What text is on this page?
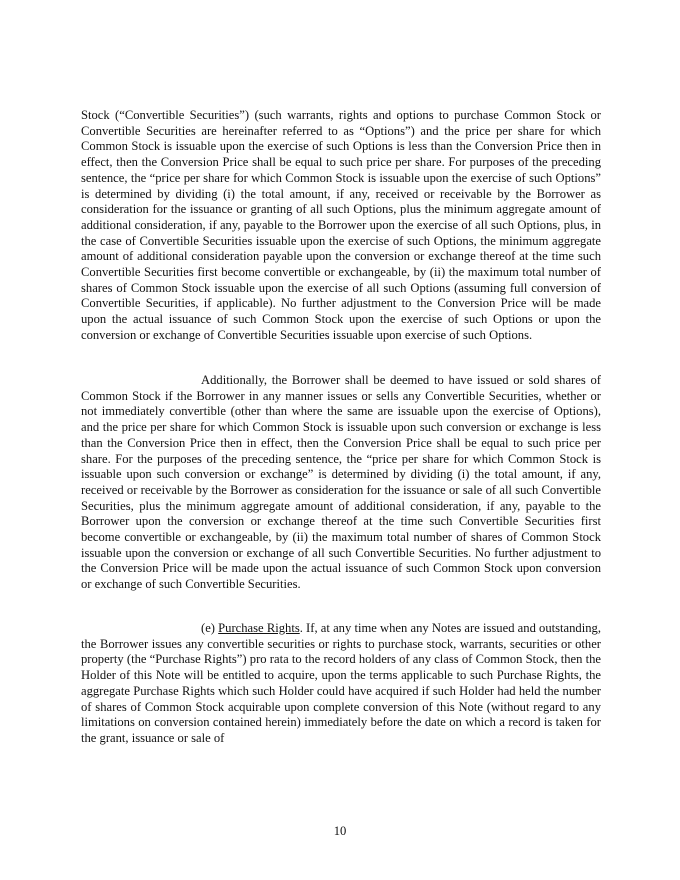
Stock (“Convertible Securities”) (such warrants, rights and options to purchase Common Stock or Convertible Securities are hereinafter referred to as “Options”) and the price per share for which Common Stock is issuable upon the exercise of such Options is less than the Conversion Price then in effect, then the Conversion Price shall be equal to such price per share. For purposes of the preceding sentence, the “price per share for which Common Stock is issuable upon the exercise of such Options” is determined by dividing (i) the total amount, if any, received or receivable by the Borrower as consideration for the issuance or granting of all such Options, plus the minimum aggregate amount of additional consideration, if any, payable to the Borrower upon the exercise of all such Options, plus, in the case of Convertible Securities issuable upon the exercise of such Options, the minimum aggregate amount of additional consideration payable upon the conversion or exchange thereof at the time such Convertible Securities first become convertible or exchangeable, by (ii) the maximum total number of shares of Common Stock issuable upon the exercise of all such Options (assuming full conversion of Convertible Securities, if applicable). No further adjustment to the Conversion Price will be made upon the actual issuance of such Common Stock upon the exercise of such Options or upon the conversion or exchange of Convertible Securities issuable upon exercise of such Options.
Additionally, the Borrower shall be deemed to have issued or sold shares of Common Stock if the Borrower in any manner issues or sells any Convertible Securities, whether or not immediately convertible (other than where the same are issuable upon the exercise of Options), and the price per share for which Common Stock is issuable upon such conversion or exchange is less than the Conversion Price then in effect, then the Conversion Price shall be equal to such price per share. For the purposes of the preceding sentence, the “price per share for which Common Stock is issuable upon such conversion or exchange” is determined by dividing (i) the total amount, if any, received or receivable by the Borrower as consideration for the issuance or sale of all such Convertible Securities, plus the minimum aggregate amount of additional consideration, if any, payable to the Borrower upon the conversion or exchange thereof at the time such Convertible Securities first become convertible or exchangeable, by (ii) the maximum total number of shares of Common Stock issuable upon the conversion or exchange of all such Convertible Securities. No further adjustment to the Conversion Price will be made upon the actual issuance of such Common Stock upon conversion or exchange of such Convertible Securities.
(e) Purchase Rights. If, at any time when any Notes are issued and outstanding, the Borrower issues any convertible securities or rights to purchase stock, warrants, securities or other property (the “Purchase Rights”) pro rata to the record holders of any class of Common Stock, then the Holder of this Note will be entitled to acquire, upon the terms applicable to such Purchase Rights, the aggregate Purchase Rights which such Holder could have acquired if such Holder had held the number of shares of Common Stock acquirable upon complete conversion of this Note (without regard to any limitations on conversion contained herein) immediately before the date on which a record is taken for the grant, issuance or sale of
10
